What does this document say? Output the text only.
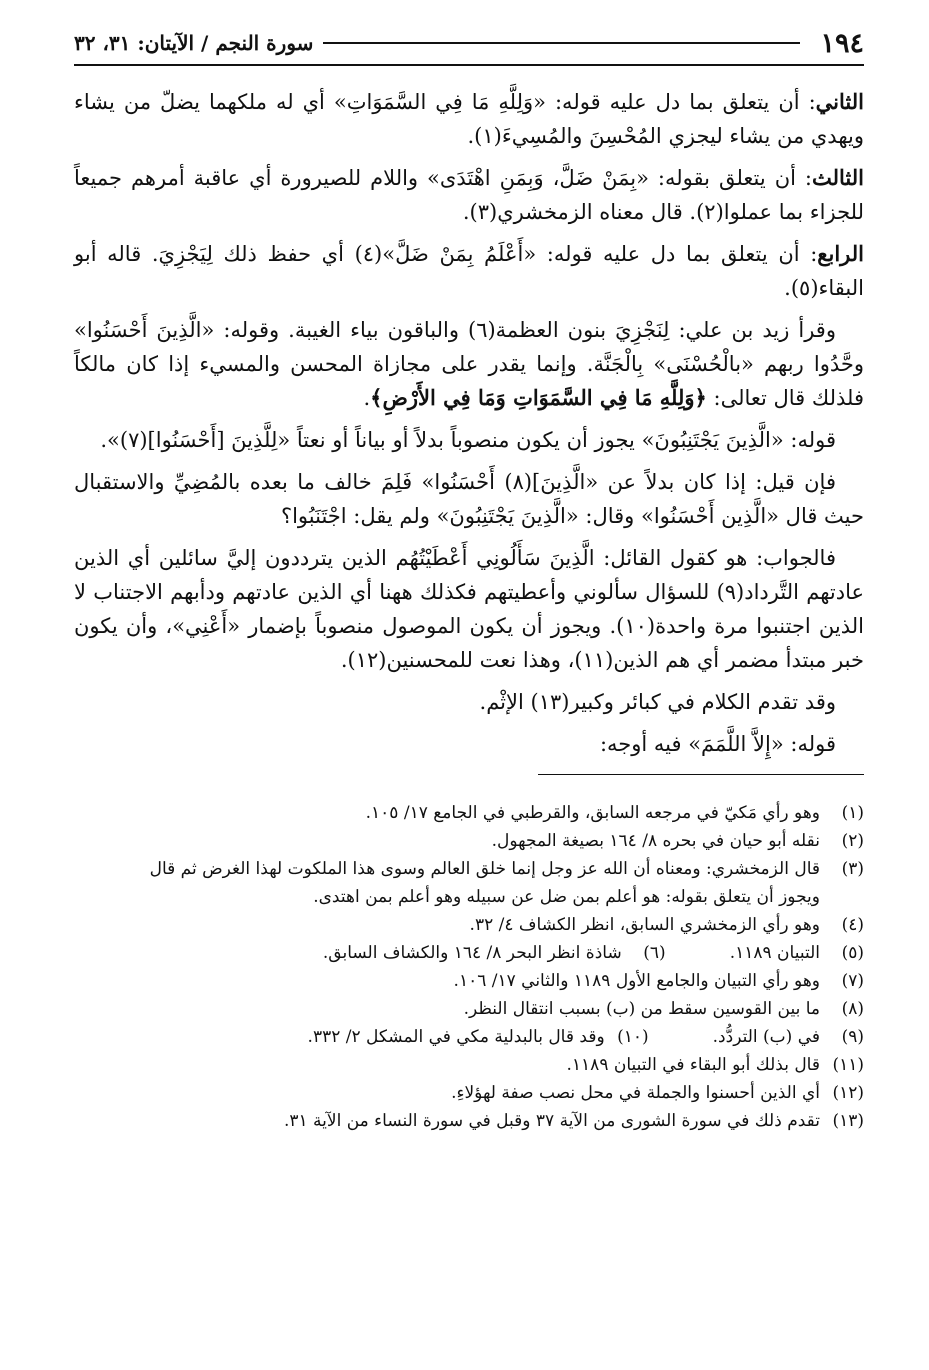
١٩٤
سورة النجم / الآيتان: ٣١، ٣٢

الثاني: أن يتعلق بما دل عليه قوله: «وَلِلَّهِ مَا فِي السَّمَوَاتِ» أي له ملكهما يضلّ من يشاء ويهدي من يشاء ليجزي المُحْسِنَ والمُسِيءَ(١).

الثالث: أن يتعلق بقوله: «بِمَنْ ضَلَّ، وَبِمَنِ اهْتَدَى» واللام للصيرورة أي عاقبة أمرهم جميعاً للجزاء بما عملوا(٢). قال معناه الزمخشري(٣).

الرابع: أن يتعلق بما دل عليه قوله: «أَعْلَمُ بِمَنْ ضَلَّ»(٤) أي حفظ ذلك لِيَجْزِيَ. قاله أبو البقاء(٥).

وقرأ زيد بن علي: لِنَجْزِيَ بنون العظمة(٦) والباقون بياء الغيبة. وقوله: «الَّذِينَ أَحْسَنُوا» وحَّدُوا ربهم «بالْحُسْنَى» بِالْجَنَّة. وإنما يقدر على مجازاة المحسن والمسيء إذا كان مالكاً فلذلك قال تعالى: ﴿وَلِلَّهِ مَا فِي السَّمَوَاتِ وَمَا فِي الأَرْضِ﴾.

قوله: «الَّذِينَ يَجْتَنِبُونَ» يجوز أن يكون منصوباً بدلاً أو بياناً أو نعتاً «لِلَّذِينَ [أَحْسَنُوا](٧)».

فإن قيل: إذا كان بدلاً عن «الَّذِينَ](٨) أَحْسَنُوا» فَلِمَ خالف ما بعده بالمُضِيِّ والاستقبال حيث قال «الَّذِين أَحْسَنُوا» وقال: «الَّذِينَ يَجْتَنِبُونَ» ولم يقل: اجْتَنَبُوا؟

فالجواب: هو كقول القائل: الَّذِينَ سَأَلُونِي أَعْطَيْتُهُم الذين يترددون إليَّ سائلين أي الذين عادتهم التَّرداد(٩) للسؤال سألوني وأعطيتهم فكذلك ههنا أي الذين عادتهم ودأبهم الاجتناب لا الذين اجتنبوا مرة واحدة(١٠). ويجوز أن يكون الموصول منصوباً بإضمار «أَعْنِي»، وأن يكون خبر مبتدأ مضمر أي هم الذين(١١)، وهذا نعت للمحسنين(١٢).

وقد تقدم الكلام في كبائر وكبير(١٣) الإثْم.

قوله: «إِلاَّ اللَّمَمَ» فيه أوجه:

(١)
وهو رأي مَكيّ في مرجعه السابق، والقرطبي في الجامع ١٧/ ١٠٥.
(٢)
نقله أبو حيان في بحره ٨/ ١٦٤ بصيغة المجهول.
(٣)
قال الزمخشري: ومعناه أن الله عز وجل إنما خلق العالم وسوى هذا الملكوت لهذا الغرض ثم قال
ويجوز أن يتعلق بقوله: هو أعلم بمن ضل عن سبيله وهو أعلم بمن اهتدى.
(٤)
وهو رأي الزمخشري السابق، انظر الكشاف ٤/ ٣٢.
(٥)
التبيان ١١٨٩.
(٦)
شاذة انظر البحر ٨/ ١٦٤ والكشاف السابق.
(٧)
وهو رأي التبيان والجامع الأول ١١٨٩ والثاني ١٧/ ١٠٦.
(٨)
ما بين القوسين سقط من (ب) بسبب انتقال النظر.
(٩)
في (ب) التردُّد.
(١٠)
وقد قال بالبدلية مكي في المشكل ٢/ ٣٣٢.
(١١)
قال بذلك أبو البقاء في التبيان ١١٨٩.
(١٢)
أي الذين أحسنوا والجملة في محل نصب صفة لهؤلاءِ.
(١٣)
تقدم ذلك في سورة الشورى من الآية ٣٧ وقبل في سورة النساء من الآية ٣١.
